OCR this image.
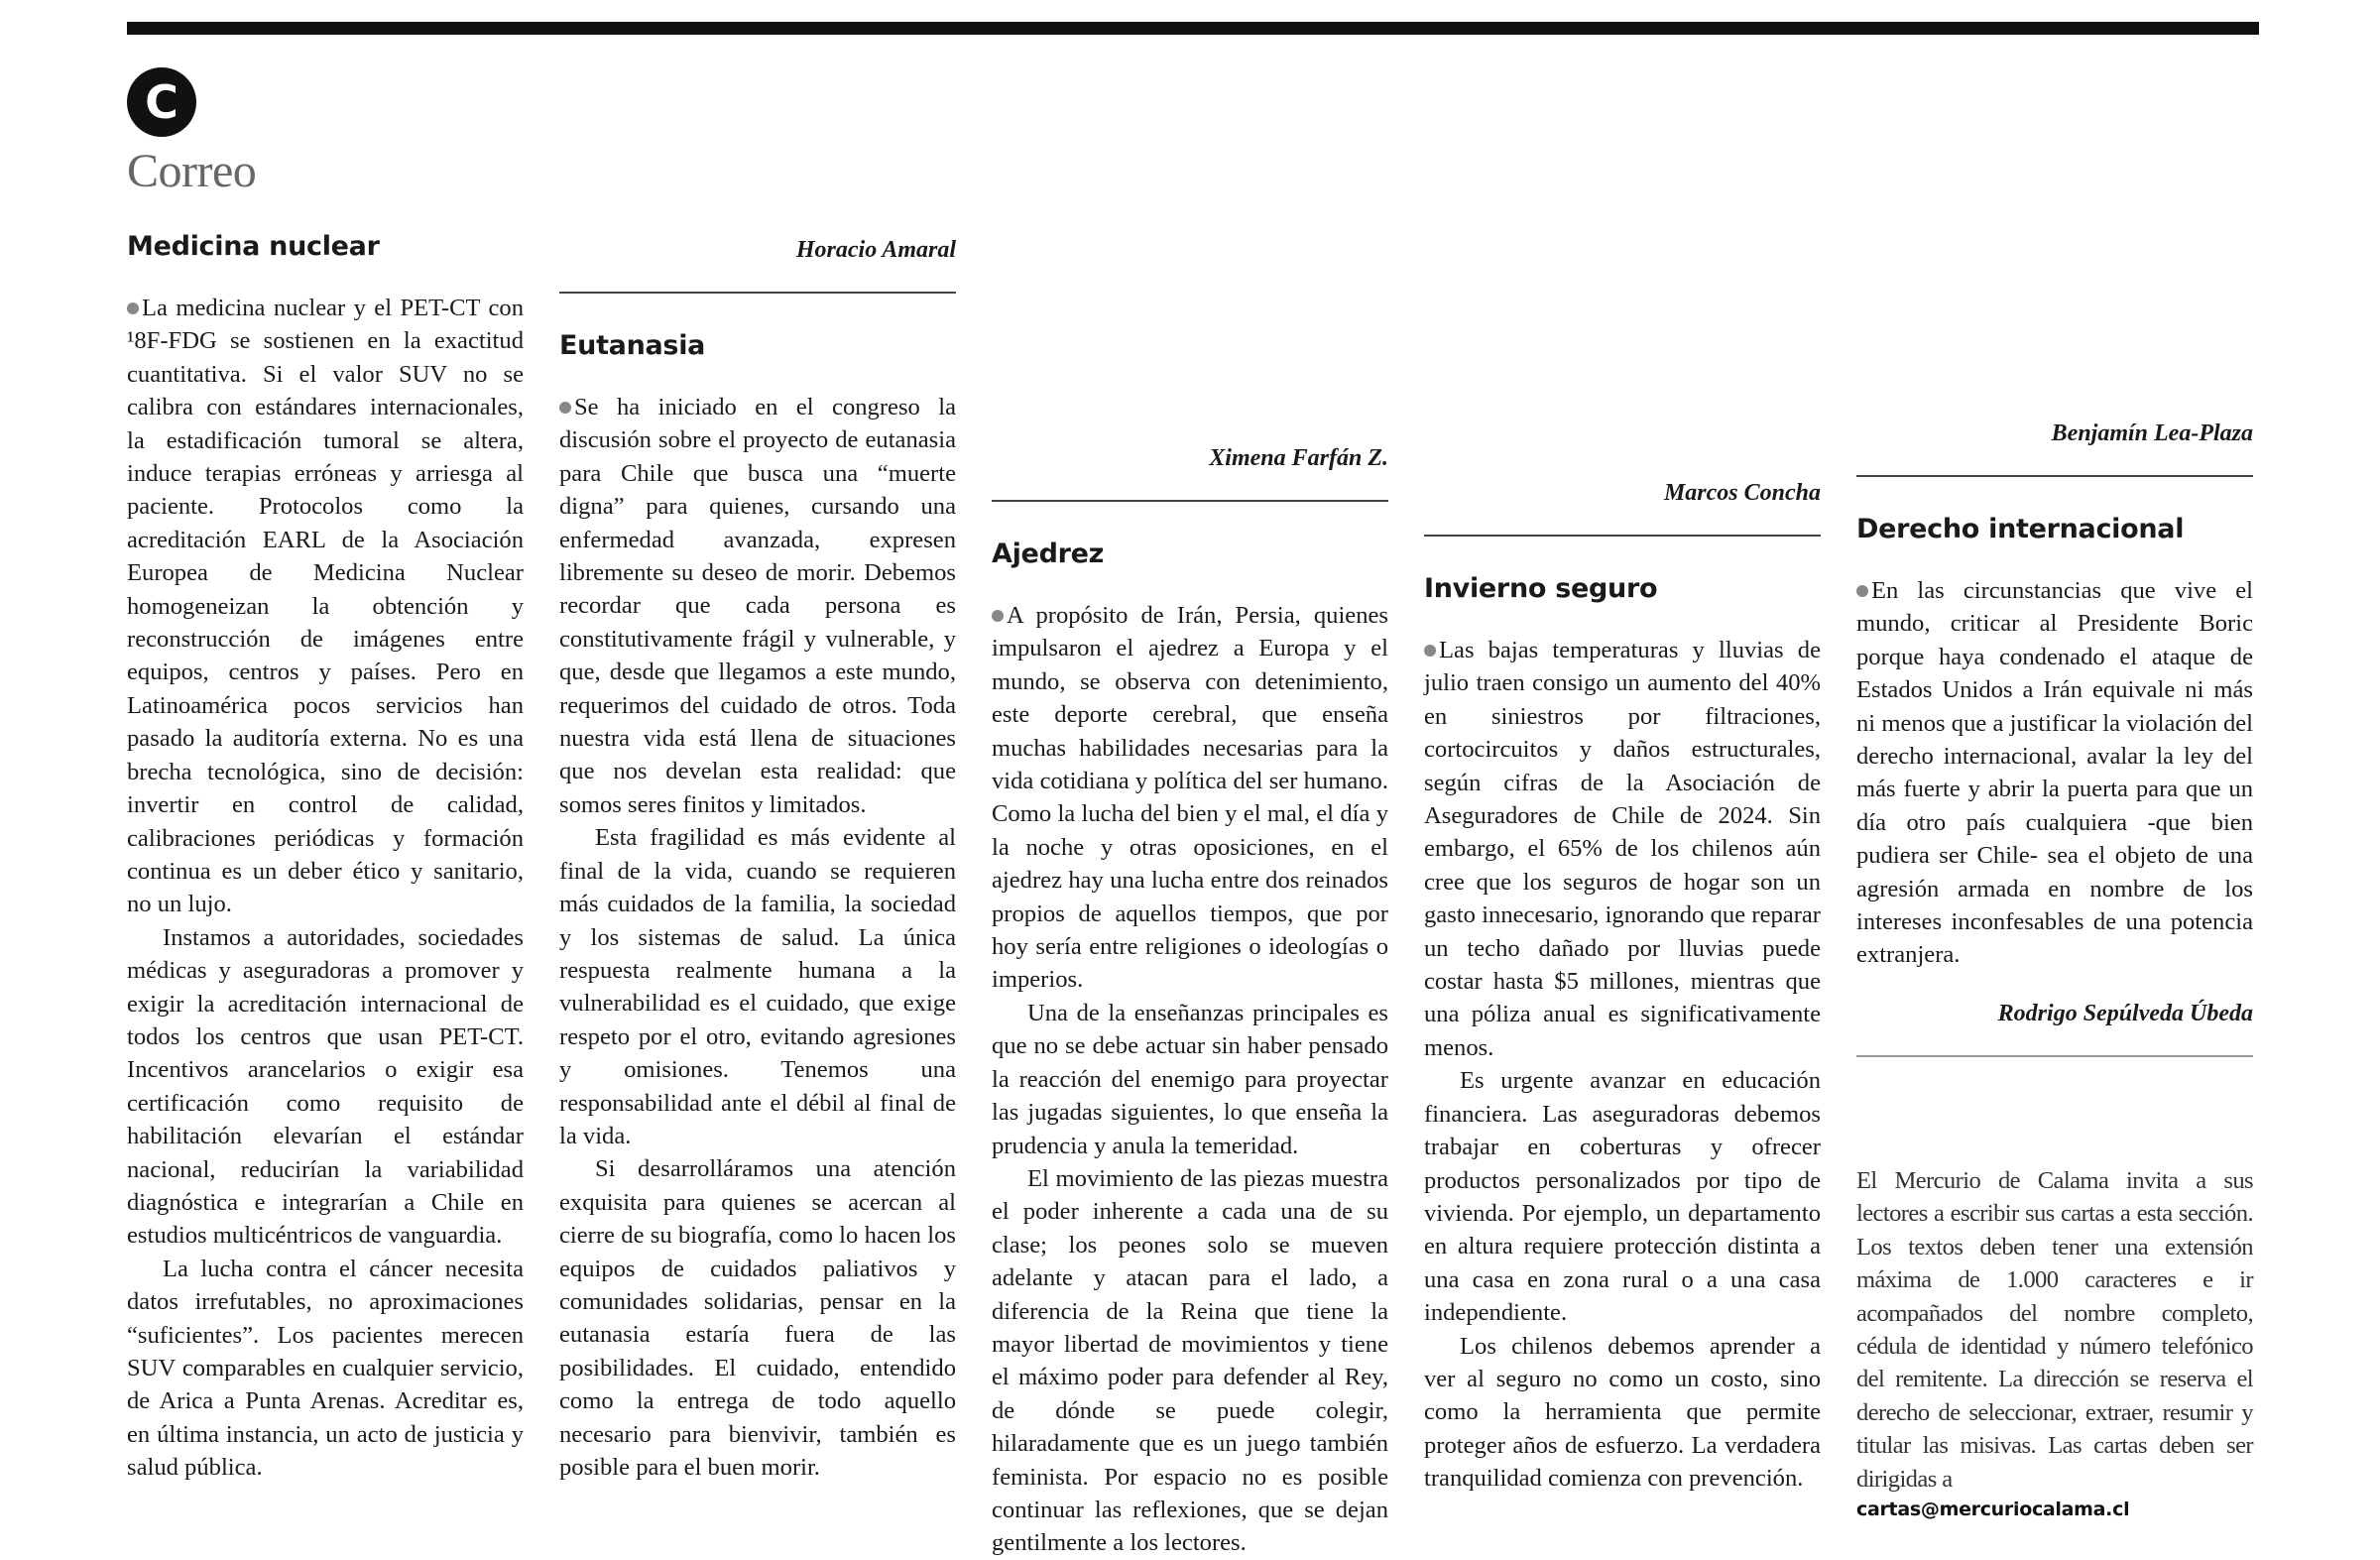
C
Correo
Medicina nuclear

La medicina nuclear y el PET-CT con ¹8F-FDG se sostienen en la exactitud cuantitativa. Si el valor SUV no se calibra con estándares internacionales, la estadificación tumoral se altera, induce terapias erróneas y arriesga al paciente. Protocolos como la acreditación EARL de la Asociación Europea de Medicina Nuclear homogeneizan la obtención y reconstrucción de imágenes entre equipos, centros y países. Pero en Latinoamérica pocos servicios han pasado la auditoría externa. No es una brecha tecnológica, sino de decisión: invertir en control de calidad, calibraciones periódicas y formación continua es un deber ético y sanitario, no un lujo.

Instamos a autoridades, sociedades médicas y aseguradoras a promover y exigir la acreditación internacional de todos los centros que usan PET-CT. Incentivos arancelarios o exigir esa certificación como requisito de habilitación elevarían el estándar nacional, reducirían la variabilidad diagnóstica e integrarían a Chile en estudios multicéntricos de vanguardia.

La lucha contra el cáncer necesita datos irrefutables, no aproximaciones “suficientes”. Los pacientes merecen SUV comparables en cualquier servicio, de Arica a Punta Arenas. Acreditar es, en última instancia, un acto de justicia y salud pública.

Horacio Amaral
Eutanasia

Se ha iniciado en el congreso la discusión sobre el proyecto de eutanasia para Chile que busca una “muerte digna” para quienes, cursando una enfermedad avanzada, expresen libremente su deseo de morir. Debemos recordar que cada persona es constitutivamente frágil y vulnerable, y que, desde que llegamos a este mundo, requerimos del cuidado de otros. Toda nuestra vida está llena de situaciones que nos develan esta realidad: que somos seres finitos y limitados.

Esta fragilidad es más evidente al final de la vida, cuando se requieren más cuidados de la familia, la sociedad y los sistemas de salud. La única respuesta realmente humana a la vulnerabilidad es el cuidado, que exige respeto por el otro, evitando agresiones y omisiones. Tenemos una responsabilidad ante el débil al final de la vida.

Si desarrolláramos una atención exquisita para quienes se acercan al cierre de su biografía, como lo hacen los equipos de cuidados paliativos y comunidades solidarias, pensar en la eutanasia estaría fuera de las posibilidades. El cuidado, entendido como la entrega de todo aquello necesario para bienvivir, también es posible para el buen morir.

Ximena Farfán Z.
Ajedrez

A propósito de Irán, Persia, quienes impulsaron el ajedrez a Europa y el mundo, se observa con detenimiento, este deporte cerebral, que enseña muchas habilidades necesarias para la vida cotidiana y política del ser humano. Como la lucha del bien y el mal, el día y la noche y otras oposiciones, en el ajedrez hay una lucha entre dos reinados propios de aquellos tiempos, que por hoy sería entre religiones o ideologías o imperios.

Una de la enseñanzas principales es que no se debe actuar sin haber pensado la reacción del enemigo para proyectar las jugadas siguientes, lo que enseña la prudencia y anula la temeridad.

El movimiento de las piezas muestra el poder inherente a cada una de su clase; los peones solo se mueven adelante y atacan para el lado, a diferencia de la Reina que tiene la mayor libertad de movimientos y tiene el máximo poder para defender al Rey, de dónde se puede colegir, hilaradamente que es un juego también feminista. Por espacio no es posible continuar las reflexiones, que se dejan gentilmente a los lectores.

Marcos Concha
Invierno seguro

Las bajas temperaturas y lluvias de julio traen consigo un aumento del 40% en siniestros por filtraciones, cortocircuitos y daños estructurales, según cifras de la Asociación de Aseguradores de Chile de 2024. Sin embargo, el 65% de los chilenos aún cree que los seguros de hogar son un gasto innecesario, ignorando que reparar un techo dañado por lluvias puede costar hasta $5 millones, mientras que una póliza anual es significativamente menos.

Es urgente avanzar en educación financiera. Las aseguradoras debemos trabajar en coberturas y ofrecer productos personalizados por tipo de vivienda. Por ejemplo, un departamento en altura requiere protección distinta a una casa en zona rural o a una casa independiente.

Los chilenos debemos aprender a ver al seguro no como un costo, sino como la herramienta que permite proteger años de esfuerzo. La verdadera tranquilidad comienza con prevención.

Benjamín Lea-Plaza
Derecho internacional

En las circunstancias que vive el mundo, criticar al Presidente Boric porque haya condenado el ataque de Estados Unidos a Irán equivale ni más ni menos que a justificar la violación del derecho internacional, avalar la ley del más fuerte y abrir la puerta para que un día otro país cualquiera -que bien pudiera ser Chile- sea el objeto de una agresión armada en nombre de los intereses inconfesables de una potencia extranjera.

Rodrigo Sepúlveda Úbeda

El Mercurio de Calama invita a sus lectores a escribir sus cartas a esta sección. Los textos deben tener una extensión máxima de 1.000 caracteres e ir acompañados del nombre completo, cédula de identidad y número telefónico del remitente. La dirección se reserva el derecho de seleccionar, extraer, resumir y titular las misivas. Las cartas deben ser dirigidas a

cartas@mercuriocalama.cl
